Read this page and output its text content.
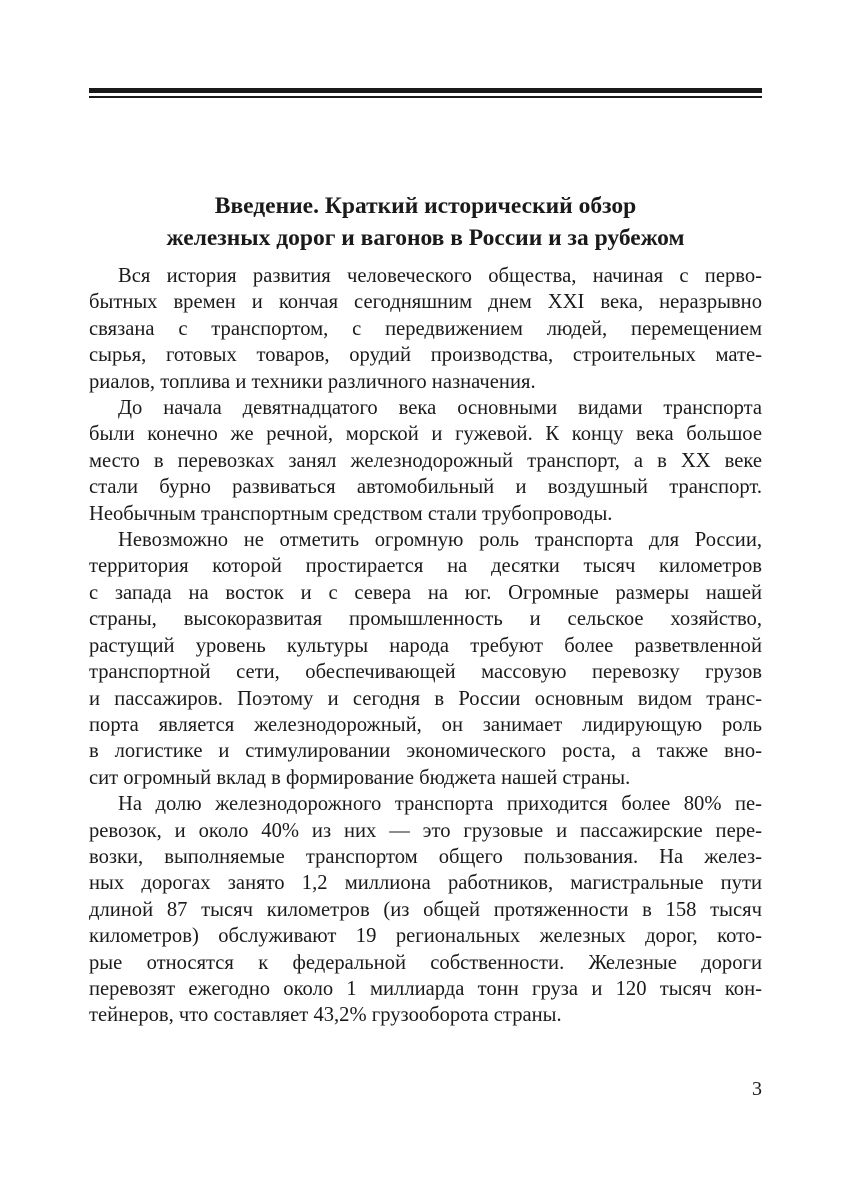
Введение. Краткий исторический обзор
железных дорог и вагонов в России и за рубежом

Вся история развития человеческого общества, начиная с перво-
бытных времен и кончая сегодняшним днем XXI века, неразрывно
связана с транспортом, с передвижением людей, перемещением
сырья, готовых товаров, орудий производства, строительных мате-
риалов, топлива и техники различного назначения.

До начала девятнадцатого века основными видами транспорта
были конечно же речной, морской и гужевой. К концу века большое
место в перевозках занял железнодорожный транспорт, а в XX веке
стали бурно развиваться автомобильный и воздушный транспорт.
Необычным транспортным средством стали трубопроводы.

Невозможно не отметить огромную роль транспорта для России,
территория которой простирается на десятки тысяч километров
с запада на восток и с севера на юг. Огромные размеры нашей
страны, высокоразвитая промышленность и сельское хозяйство,
растущий уровень культуры народа требуют более разветвленной
транспортной сети, обеспечивающей массовую перевозку грузов
и пассажиров. Поэтому и сегодня в России основным видом транс-
порта является железнодорожный, он занимает лидирующую роль
в логистике и стимулировании экономического роста, а также вно-
сит огромный вклад в формирование бюджета нашей страны.

На долю железнодорожного транспорта приходится более 80% пе-
ревозок, и около 40% из них — это грузовые и пассажирские пере-
возки, выполняемые транспортом общего пользования. На желез-
ных дорогах занято 1,2 миллиона работников, магистральные пути
длиной 87 тысяч километров (из общей протяженности в 158 тысяч
километров) обслуживают 19 региональных железных дорог, кото-
рые относятся к федеральной собственности. Железные дороги
перевозят ежегодно около 1 миллиарда тонн груза и 120 тысяч кон-
тейнеров, что составляет 43,2% грузооборота страны.

3
